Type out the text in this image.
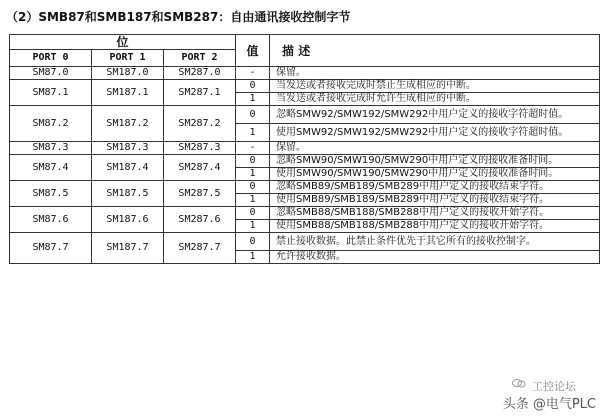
（2）SMB87和SMB187和SMB287：自由通讯接收控制字节
位			值	描 述
PORT 0	PORT 1	PORT 2		
SM87.0	SM187.0	SM287.0	-	保留。
SM87.1	SM187.1	SM287.1	0	当发送或者接收完成时禁止生成相应的中断。
			1	当发送或者接收完成时允许生成相应的中断。
SM87.2	SM187.2	SM287.2	0	忽略SMW92/SMW192/SMW292中用户定义的接收字符超时值。
			1	使用SMW92/SMW192/SMW292中用户定义的接收字符超时值。
SM87.3	SM187.3	SM287.3	-	保留。
SM87.4	SM187.4	SM287.4	0	忽略SMW90/SMW190/SMW290中用户定义的接收准备时间。
			1	使用SMW90/SMW190/SMW290中用户定义的接收准备时间。
SM87.5	SM187.5	SM287.5	0	忽略SMB89/SMB189/SMB289中用户定义的接收结束字符。
			1	使用SMB89/SMB189/SMB289中用户定义的接收结束字符。
SM87.6	SM187.6	SM287.6	0	忽略SMB88/SMB188/SMB288中用户定义的接收开始字符。
			1	使用SMB88/SMB188/SMB288中用户定义的接收开始字符。
SM87.7	SM187.7	SM287.7	0	禁止接收数据。此禁止条件优先于其它所有的接收控制字。
			1	允许接收数据。
工控论坛
头条 @电气PLC
